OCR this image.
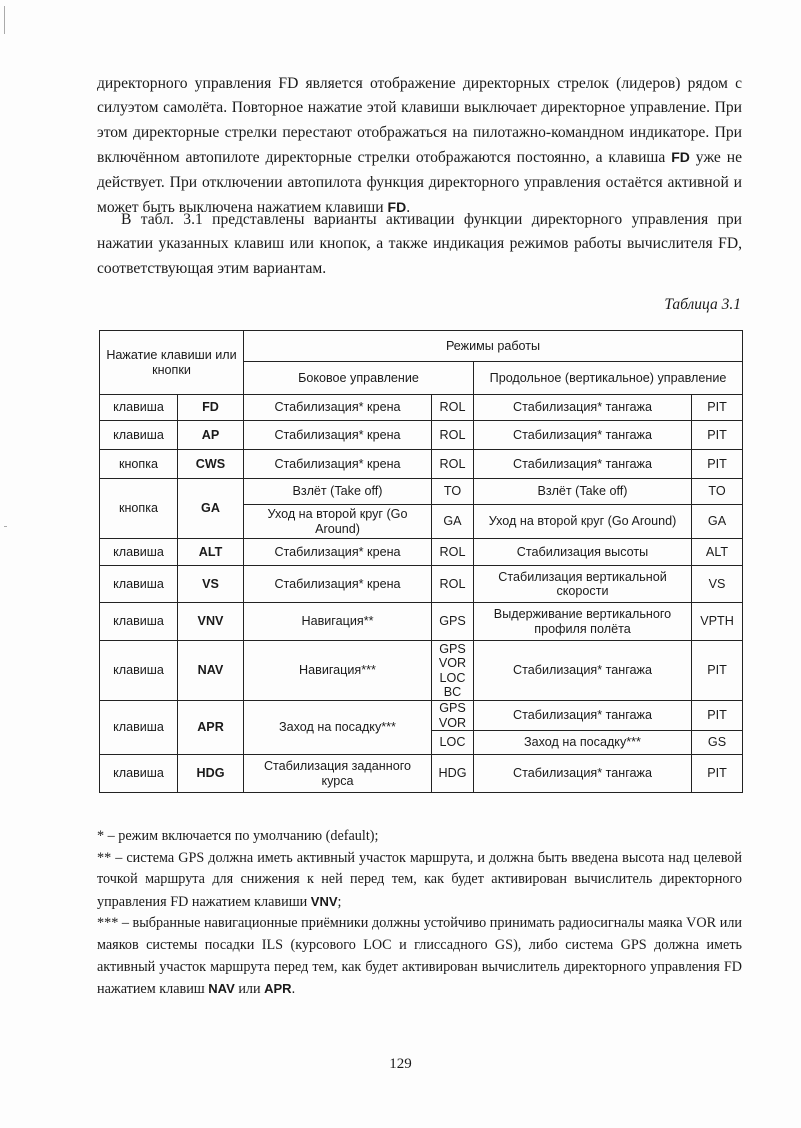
директорного управления FD является отображение директорных стрелок (лидеров) рядом с силуэтом самолёта. Повторное нажатие этой клавиши выключает директорное управление. При этом директорные стрелки перестают отображаться на пилотажно-командном индикаторе. При включённом автопилоте директорные стрелки отображаются постоянно, а клавиша FD уже не действует. При отключении автопилота функция директорного управления остаётся активной и может быть выключена нажатием клавиши FD.
В табл. 3.1 представлены варианты активации функции директорного управления при нажатии указанных клавиш или кнопок, а также индикация режимов работы вычислителя FD, соответствующая этим вариантам.
Таблица 3.1
Нажатие клавиши или кнопки		Режимы работы			
		Боковое управление		Продольное (вертикальное) управление	
клавиша	FD	Стабилизация* крена	ROL	Стабилизация* тангажа	PIT
клавиша	AP	Стабилизация* крена	ROL	Стабилизация* тангажа	PIT
кнопка	CWS	Стабилизация* крена	ROL	Стабилизация* тангажа	PIT
кнопка	GA	Взлёт (Take off)	TO	Взлёт (Take off)	TO
		Уход на второй круг (Go Around)	GA	Уход на второй круг (Go Around)	GA
клавиша	ALT	Стабилизация* крена	ROL	Стабилизация высоты	ALT
клавиша	VS	Стабилизация* крена	ROL	Стабилизация вертикальной скорости	VS
клавиша	VNV	Навигация**	GPS	Выдерживание вертикального профиля полёта	VPTH
клавиша	NAV	Навигация***	GPS VOR LOC BC	Стабилизация* тангажа	PIT
клавиша	APR	Заход на посадку***	GPS VOR	Стабилизация* тангажа	PIT
			LOC	Заход на посадку***	GS
клавиша	HDG	Стабилизация заданного курса	HDG	Стабилизация* тангажа	PIT

* – режим включается по умолчанию (default);

** – система GPS должна иметь активный участок маршрута, и должна быть введена высота над целевой точкой маршрута для снижения к ней перед тем, как будет активирован вычислитель директорного управления FD нажатием клавиши VNV;

*** – выбранные навигационные приёмники должны устойчиво принимать радиосигналы маяка VOR или маяков системы посадки ILS (курсового LOC и глиссадного GS), либо система GPS должна иметь активный участок маршрута перед тем, как будет активирован вычислитель директорного управления FD нажатием клавиш NAV или APR.

129
